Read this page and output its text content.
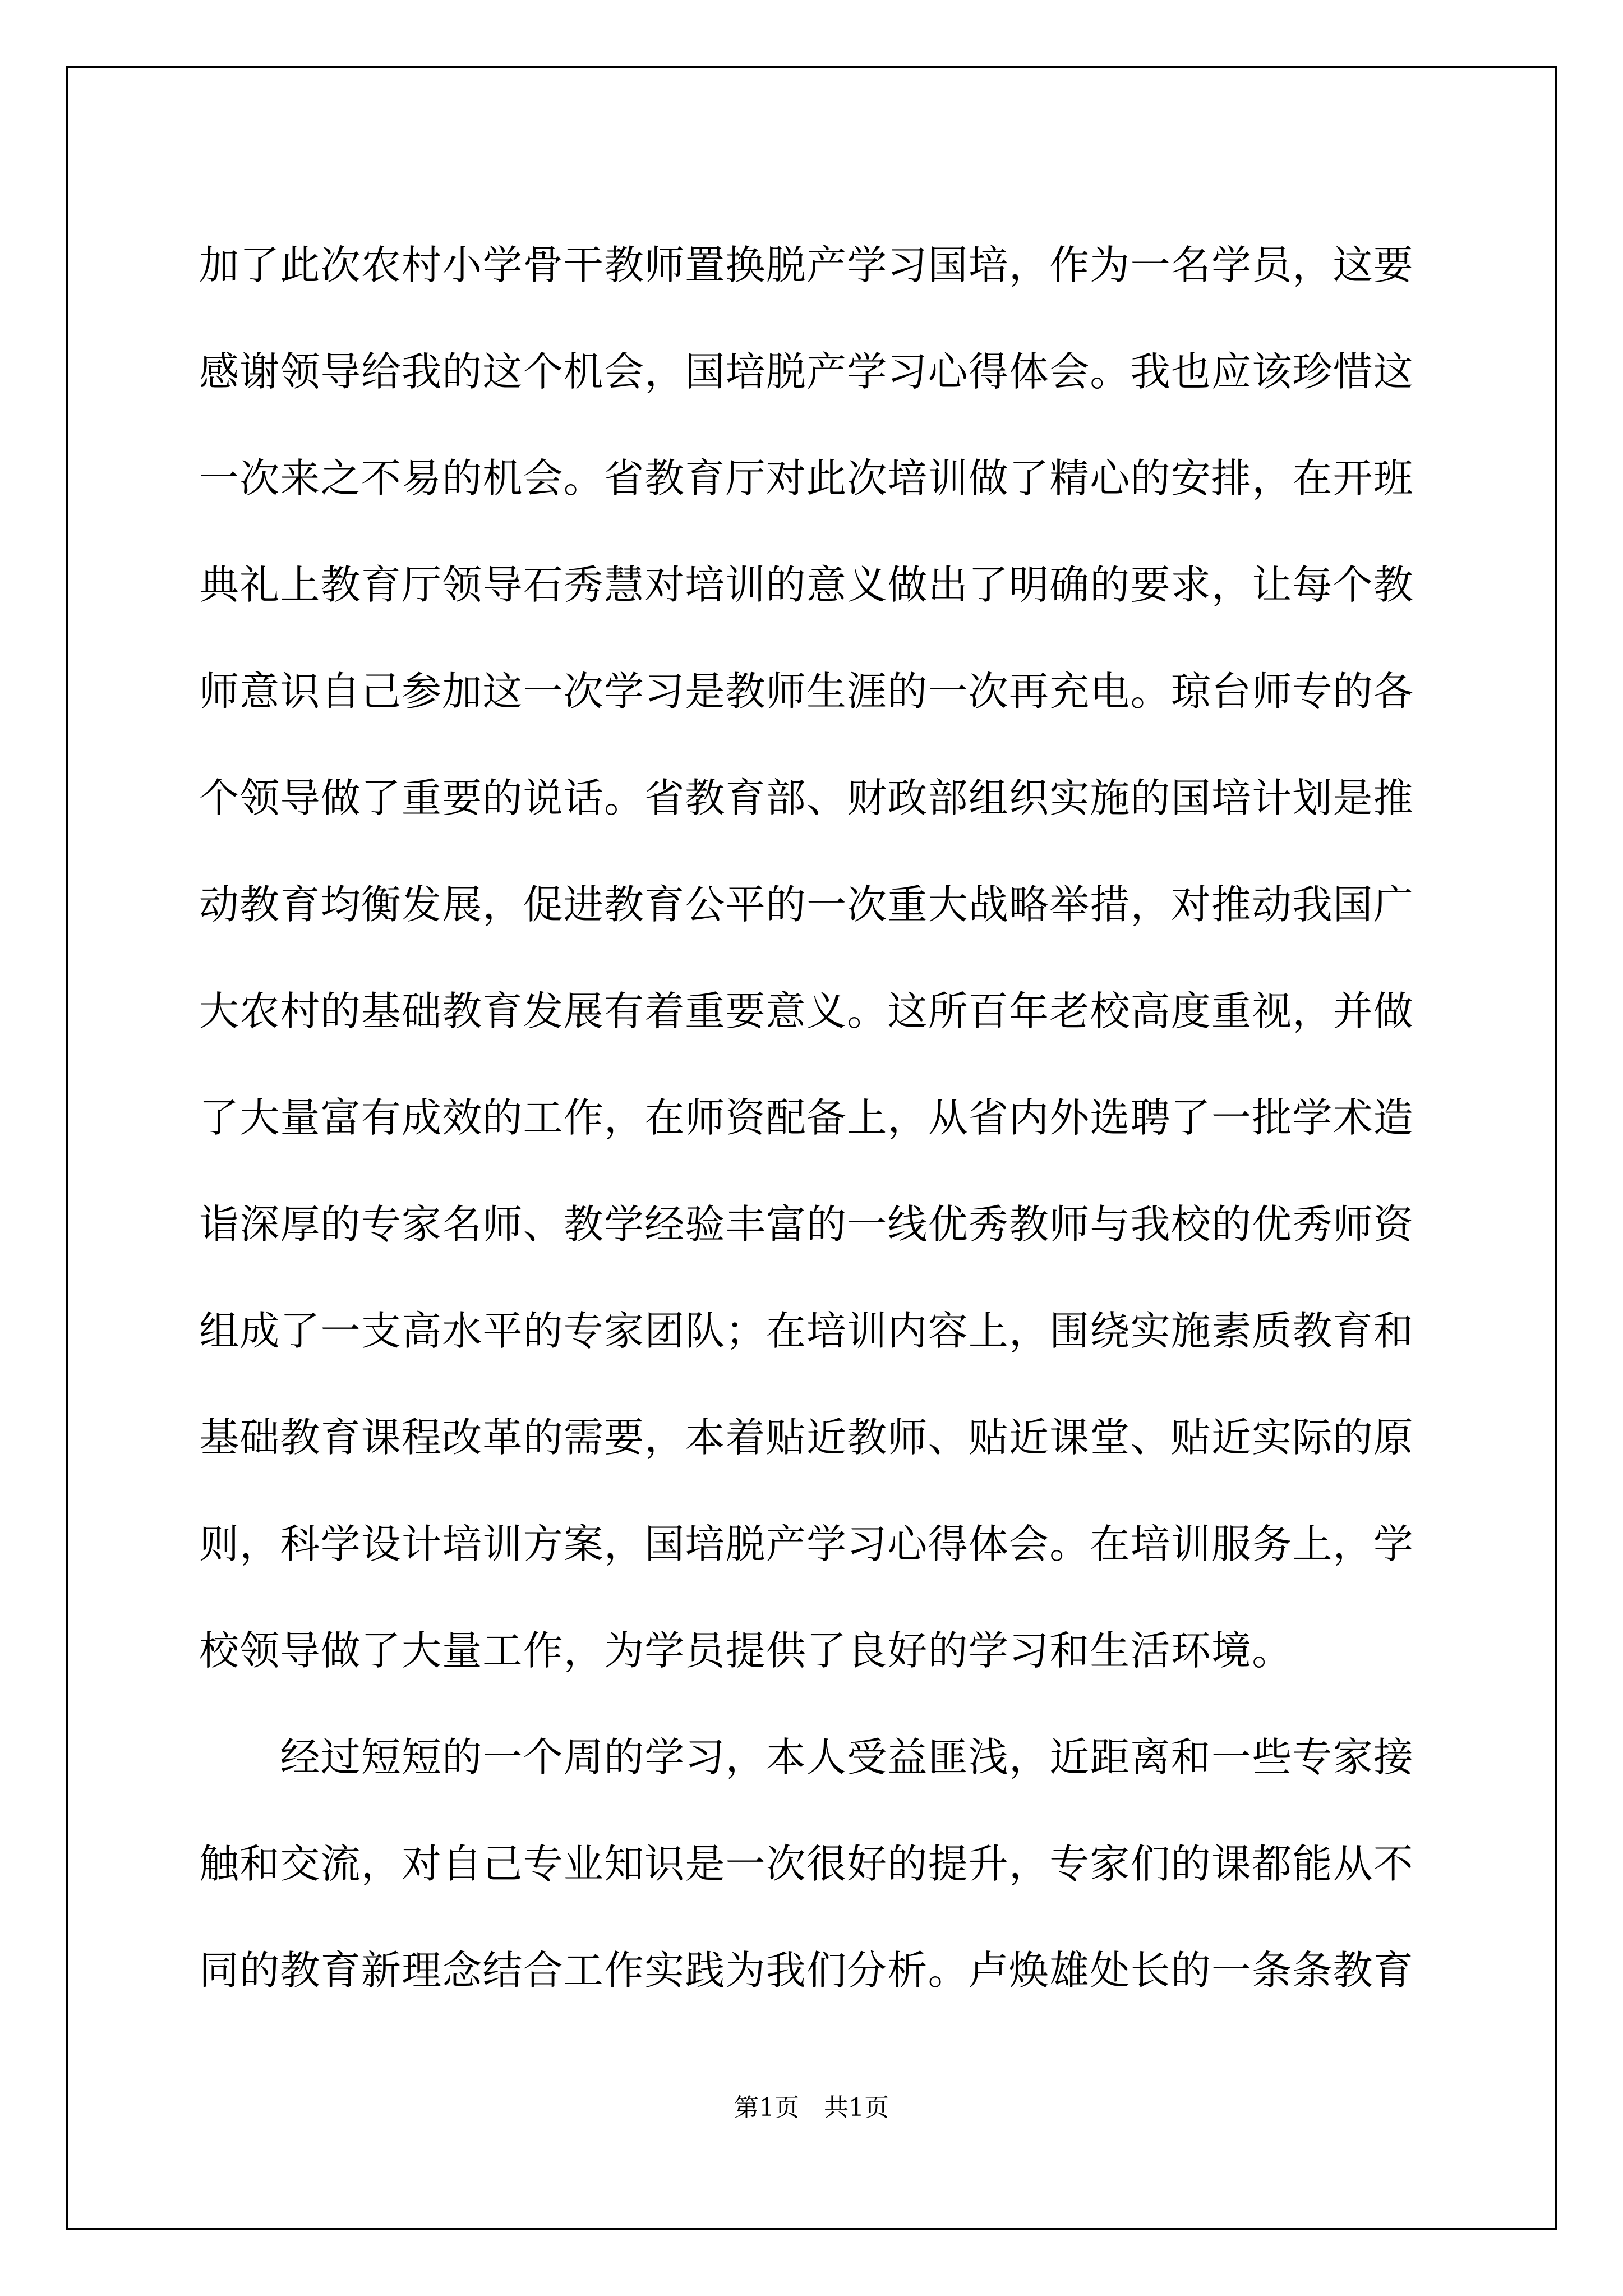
加了此次农村小学骨干教师置换脱产学习国培，作为一名学员，这要
感谢领导给我的这个机会，国培脱产学习心得体会。我也应该珍惜这
一次来之不易的机会。省教育厅对此次培训做了精心的安排，在开班
典礼上教育厅领导石秀慧对培训的意义做出了明确的要求，让每个教
师意识自己参加这一次学习是教师生涯的一次再充电。琼台师专的各
个领导做了重要的说话。省教育部、财政部组织实施的国培计划是推
动教育均衡发展，促进教育公平的一次重大战略举措，对推动我国广
大农村的基础教育发展有着重要意义。这所百年老校高度重视，并做
了大量富有成效的工作，在师资配备上，从省内外选聘了一批学术造
诣深厚的专家名师、教学经验丰富的一线优秀教师与我校的优秀师资
组成了一支高水平的专家团队；在培训内容上，围绕实施素质教育和
基础教育课程改革的需要，本着贴近教师、贴近课堂、贴近实际的原
则，科学设计培训方案，国培脱产学习心得体会。在培训服务上，学
校领导做了大量工作，为学员提供了良好的学习和生活环境。
　　经过短短的一个周的学习，本人受益匪浅，近距离和一些专家接
触和交流，对自己专业知识是一次很好的提升，专家们的课都能从不
同的教育新理念结合工作实践为我们分析。卢焕雄处长的一条条教育
第1页　共1页
